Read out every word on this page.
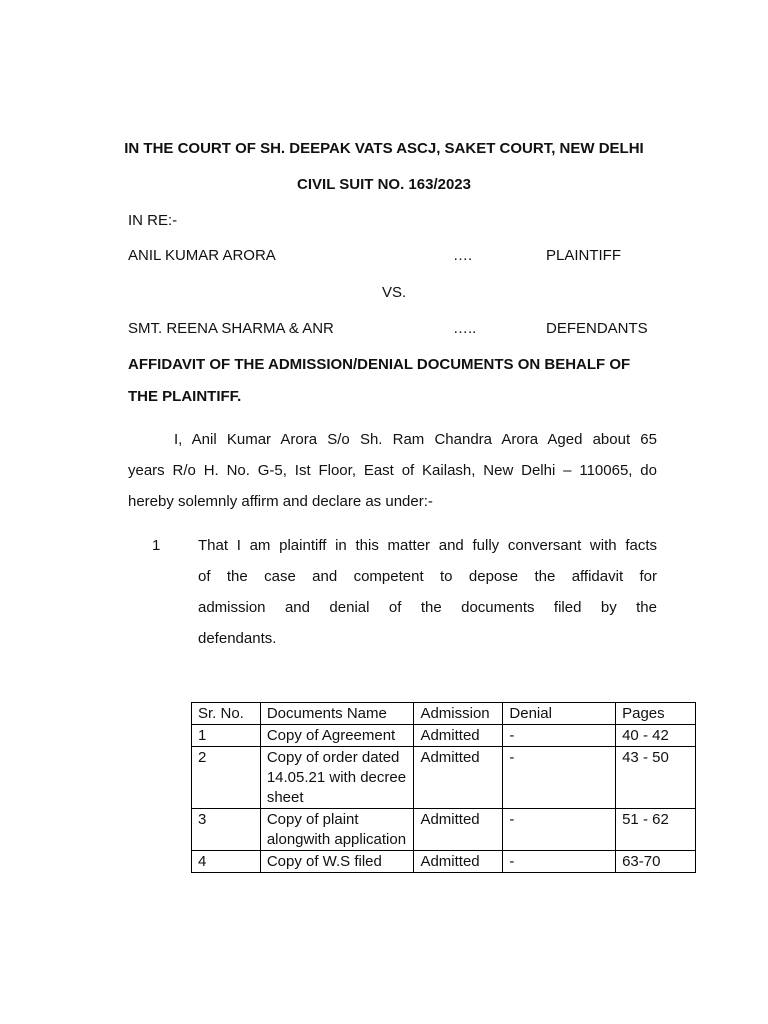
IN THE COURT OF SH. DEEPAK VATS ASCJ, SAKET COURT, NEW DELHI
CIVIL SUIT NO. 163/2023
IN RE:-
ANIL KUMAR ARORA	….	PLAINTIFF
VS.
SMT. REENA SHARMA & ANR	…..	DEFENDANTS
AFFIDAVIT OF THE ADMISSION/DENIAL DOCUMENTS ON BEHALF OF
THE PLAINTIFF.
I, Anil Kumar Arora S/o Sh. Ram Chandra Arora Aged about 65
years R/o H. No. G-5, Ist Floor, East of Kailash, New Delhi – 110065, do
hereby solemnly affirm and declare as under:-
1	That I am plaintiff in this matter and fully conversant with facts
of the case and competent to depose the affidavit for
admission and denial of the documents filed by the
defendants.
Sr. No.	Documents Name	Admission	Denial	Pages
1	Copy of Agreement	Admitted	-	40 - 42
2	Copy of order dated 14.05.21 with decree sheet	Admitted	-	43 - 50
3	Copy of plaint alongwith application	Admitted	-	51 - 62
4	Copy of W.S filed	Admitted	-	63-70
